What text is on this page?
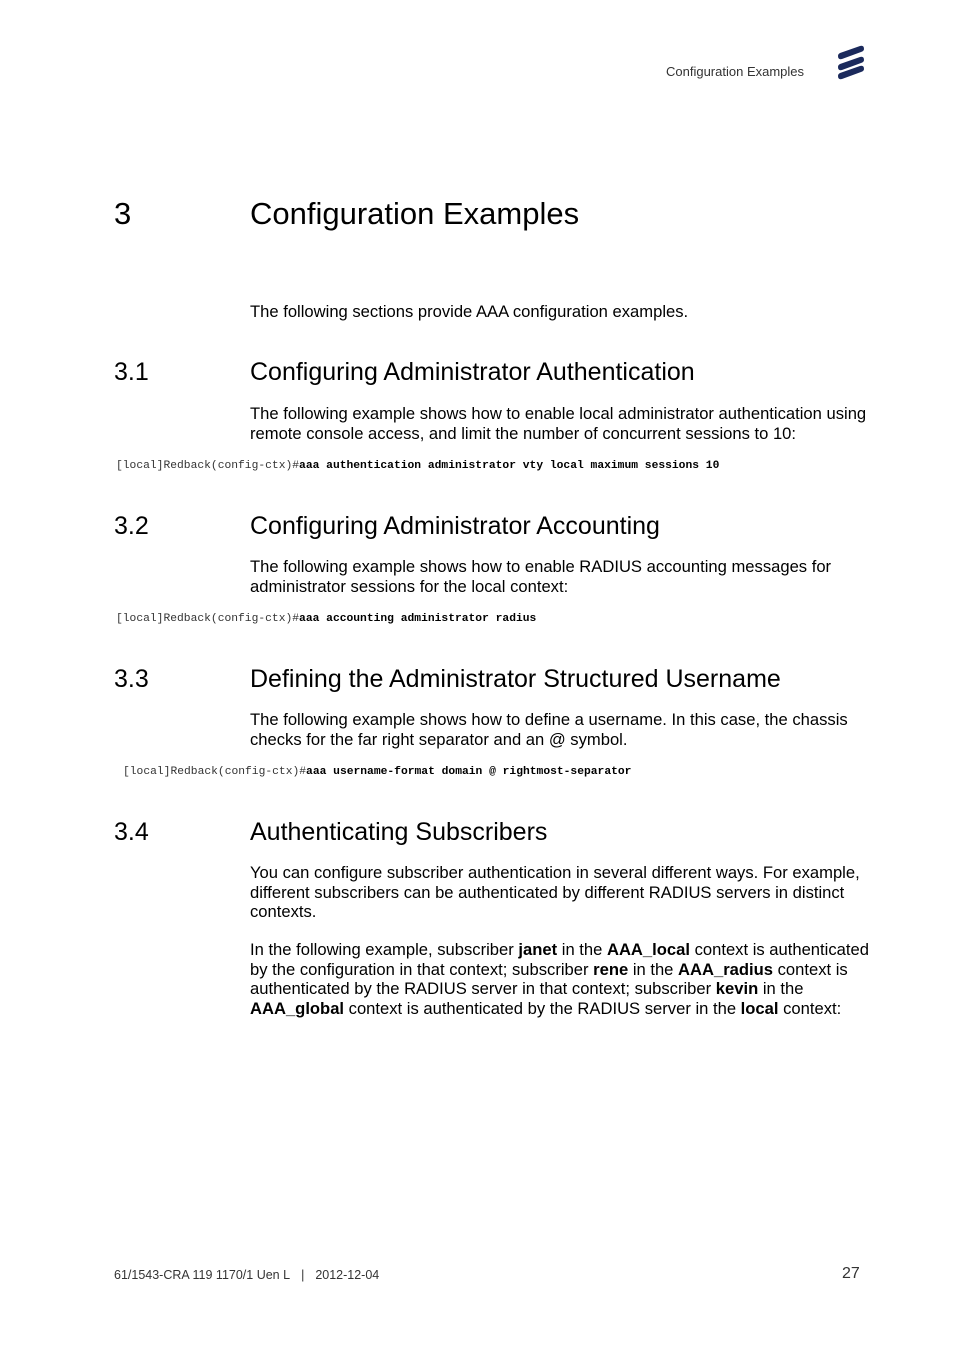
Configuration Examples
3	Configuration Examples
The following sections provide AAA configuration examples.
3.1	Configuring Administrator Authentication
The following example shows how to enable local administrator authentication using remote console access, and limit the number of concurrent sessions to 10:
[local]Redback(config-ctx)#aaa authentication administrator vty local maximum sessions 10
3.2	Configuring Administrator Accounting
The following example shows how to enable RADIUS accounting messages for administrator sessions for the local context:
[local]Redback(config-ctx)#aaa accounting administrator radius
3.3	Defining the Administrator Structured Username
The following example shows how to define a username. In this case, the chassis checks for the far right separator and an @ symbol.
[local]Redback(config-ctx)#aaa username-format domain @ rightmost-separator
3.4	Authenticating Subscribers
You can configure subscriber authentication in several different ways. For example, different subscribers can be authenticated by different RADIUS servers in distinct contexts.
In the following example, subscriber janet in the AAA_local context is authenticated by the configuration in that context; subscriber rene in the AAA_radius context is authenticated by the RADIUS server in that context; subscriber kevin in the AAA_global context is authenticated by the RADIUS server in the local context:
61/1543-CRA 119 1170/1 Uen L | 2012-12-04	27
